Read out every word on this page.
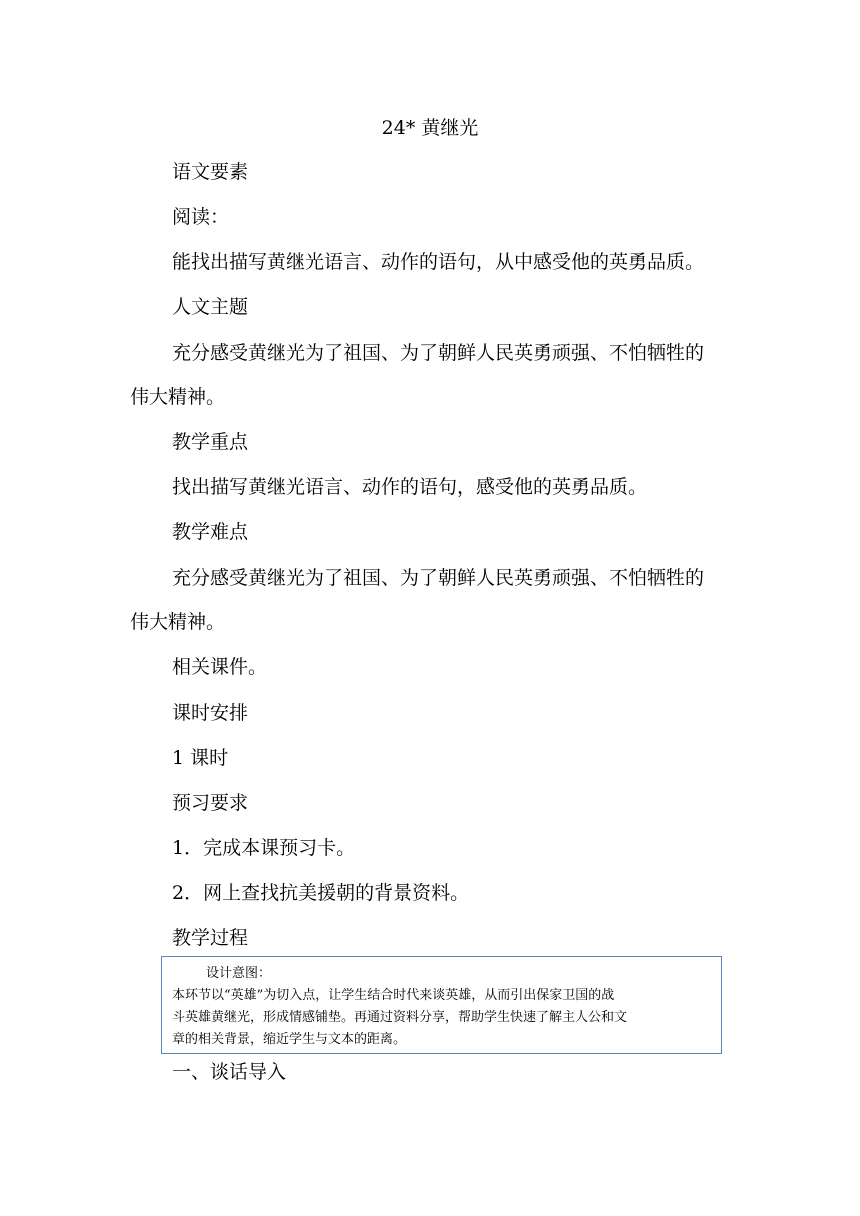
24* 黄继光
语文要素
阅读：
能找出描写黄继光语言、动作的语句，从中感受他的英勇品质。
人文主题
充分感受黄继光为了祖国、为了朝鲜人民英勇顽强、不怕牺牲的
伟大精神。
教学重点
找出描写黄继光语言、动作的语句，感受他的英勇品质。
教学难点
充分感受黄继光为了祖国、为了朝鲜人民英勇顽强、不怕牺牲的
伟大精神。
相关课件。
课时安排
1 课时
预习要求
1．完成本课预习卡。
2．网上查找抗美援朝的背景资料。
教学过程
设计意图：
本环节以“英雄”为切入点，让学生结合时代来谈英雄，从而引出保家卫国的战
斗英雄黄继光，形成情感铺垫。再通过资料分享，帮助学生快速了解主人公和文
章的相关背景，缩近学生与文本的距离。
一、谈话导入
